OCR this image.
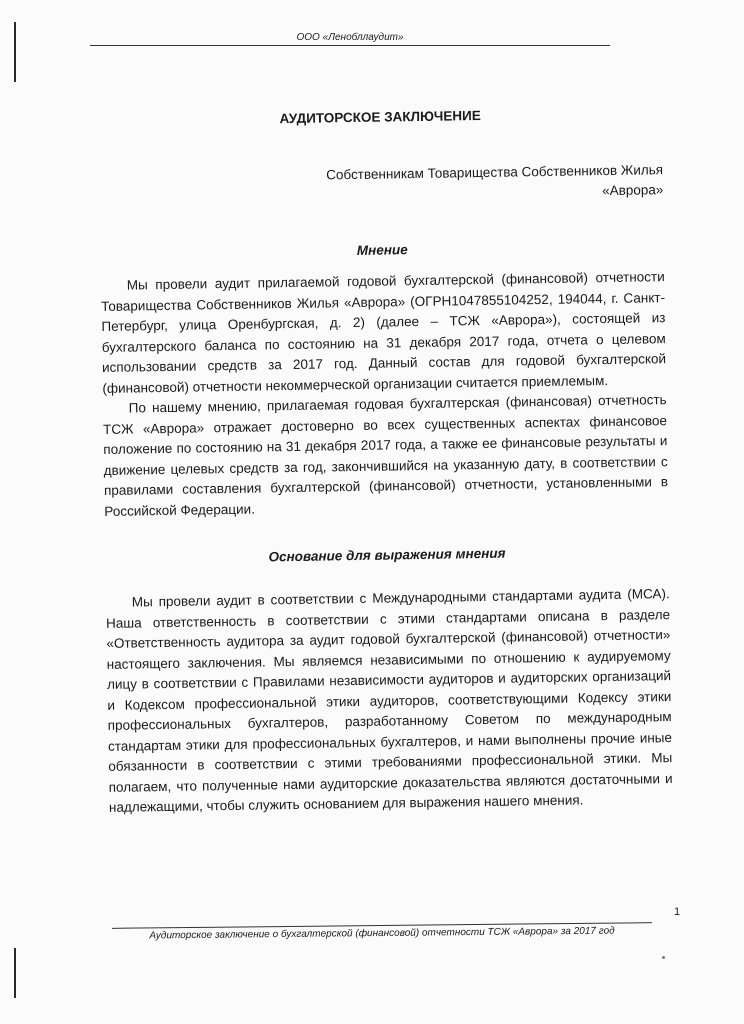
ООО «Ленобллаудит»
АУДИТОРСКОЕ ЗАКЛЮЧЕНИЕ
Собственникам Товарищества Собственников Жилья «Аврора»
Мнение

Мы провели аудит прилагаемой годовой бухгалтерской (финансовой) отчетности Товарищества Собственников Жилья «Аврора» (ОГРН1047855104252, 194044, г. Санкт-Петербург, улица Оренбургская, д. 2) (далее – ТСЖ «Аврора»), состоящей из бухгалтерского баланса по состоянию на 31 декабря 2017 года, отчета о целевом использовании средств за 2017 год. Данный состав для годовой бухгалтерской (финансовой) отчетности некоммерческой организации считается приемлемым.

По нашему мнению, прилагаемая годовая бухгалтерская (финансовая) отчетность ТСЖ «Аврора» отражает достоверно во всех существенных аспектах финансовое положение по состоянию на 31 декабря 2017 года, а также ее финансовые результаты и движение целевых средств за год, закончившийся на указанную дату, в соответствии с правилами составления бухгалтерской (финансовой) отчетности, установленными в Российской Федерации.

Основание для выражения мнения

Мы провели аудит в соответствии с Международными стандартами аудита (МСА). Наша ответственность в соответствии с этими стандартами описана в разделе «Ответственность аудитора за аудит годовой бухгалтерской (финансовой) отчетности» настоящего заключения. Мы являемся независимыми по отношению к аудируемому лицу в соответствии с Правилами независимости аудиторов и аудиторских организаций и Кодексом профессиональной этики аудиторов, соответствующими Кодексу этики профессиональных бухгалтеров, разработанному Советом по международным стандартам этики для профессиональных бухгалтеров, и нами выполнены прочие иные обязанности в соответствии с этими требованиями профессиональной этики. Мы полагаем, что полученные нами аудиторские доказательства являются достаточными и надлежащими, чтобы служить основанием для выражения нашего мнения.

1
Аудиторское заключение о бухгалтерской (финансовой) отчетности ТСЖ «Аврора» за 2017 год
